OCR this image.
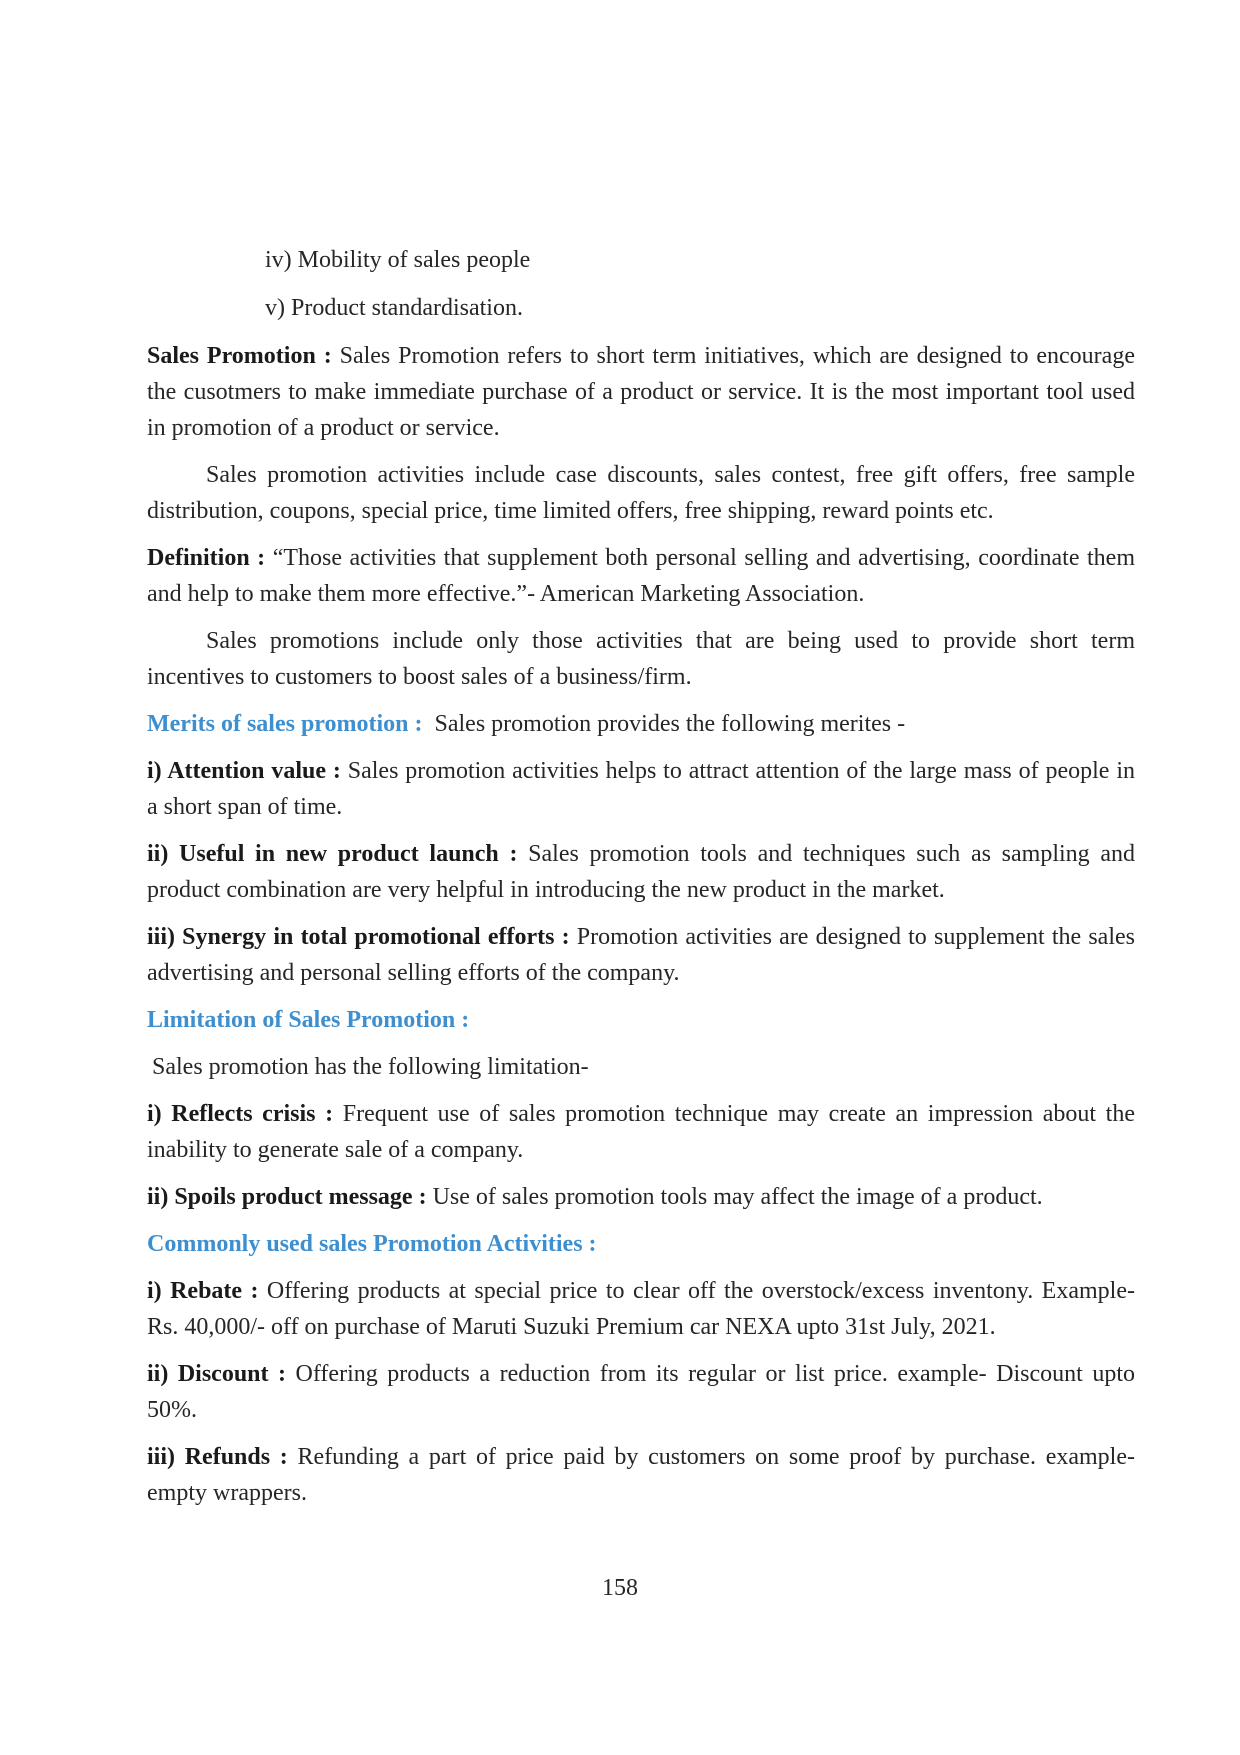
iv) Mobility of sales people

v) Product standardisation.

Sales Promotion : Sales Promotion refers to short term initiatives, which are designed to encourage the cusotmers to make immediate purchase of a product or service. It is the most important tool used in promotion of a product or service.

Sales promotion activities include case discounts, sales contest, free gift offers, free sample distribution, coupons, special price, time limited offers, free shipping, reward points etc.

Definition : “Those activities that supplement both personal selling and advertising, coordinate them and help to make them more effective.”- American Marketing Association.

Sales promotions include only those activities that are being used to provide short term incentives to customers to boost sales of a business/firm.

Merits of sales promotion :  Sales promotion provides the following merites -

i) Attention value : Sales promotion activities helps to attract attention of the large mass of people in a short span of time.

ii) Useful in new product launch : Sales promotion tools and techniques such as sampling and product combination are very helpful in introducing the new product in the market.

iii) Synergy in total promotional efforts : Promotion activities are designed to supplement the sales advertising and personal selling efforts of the company.

Limitation of Sales Promotion :

Sales promotion has the following limitation-

i) Reflects crisis : Frequent use of sales promotion technique may create an impression about the inability to generate sale of a company.

ii) Spoils product message : Use of sales promotion tools may affect the image of a product.

Commonly used sales Promotion Activities :

i) Rebate : Offering products at special price to clear off the overstock/excess inventony. Example- Rs. 40,000/- off on purchase of Maruti Suzuki Premium car NEXA upto 31st July, 2021.

ii) Discount : Offering products a reduction from its regular or list price. example- Discount upto 50%.

iii) Refunds : Refunding a part of price paid by customers on some proof by purchase. example- empty wrappers.

158
